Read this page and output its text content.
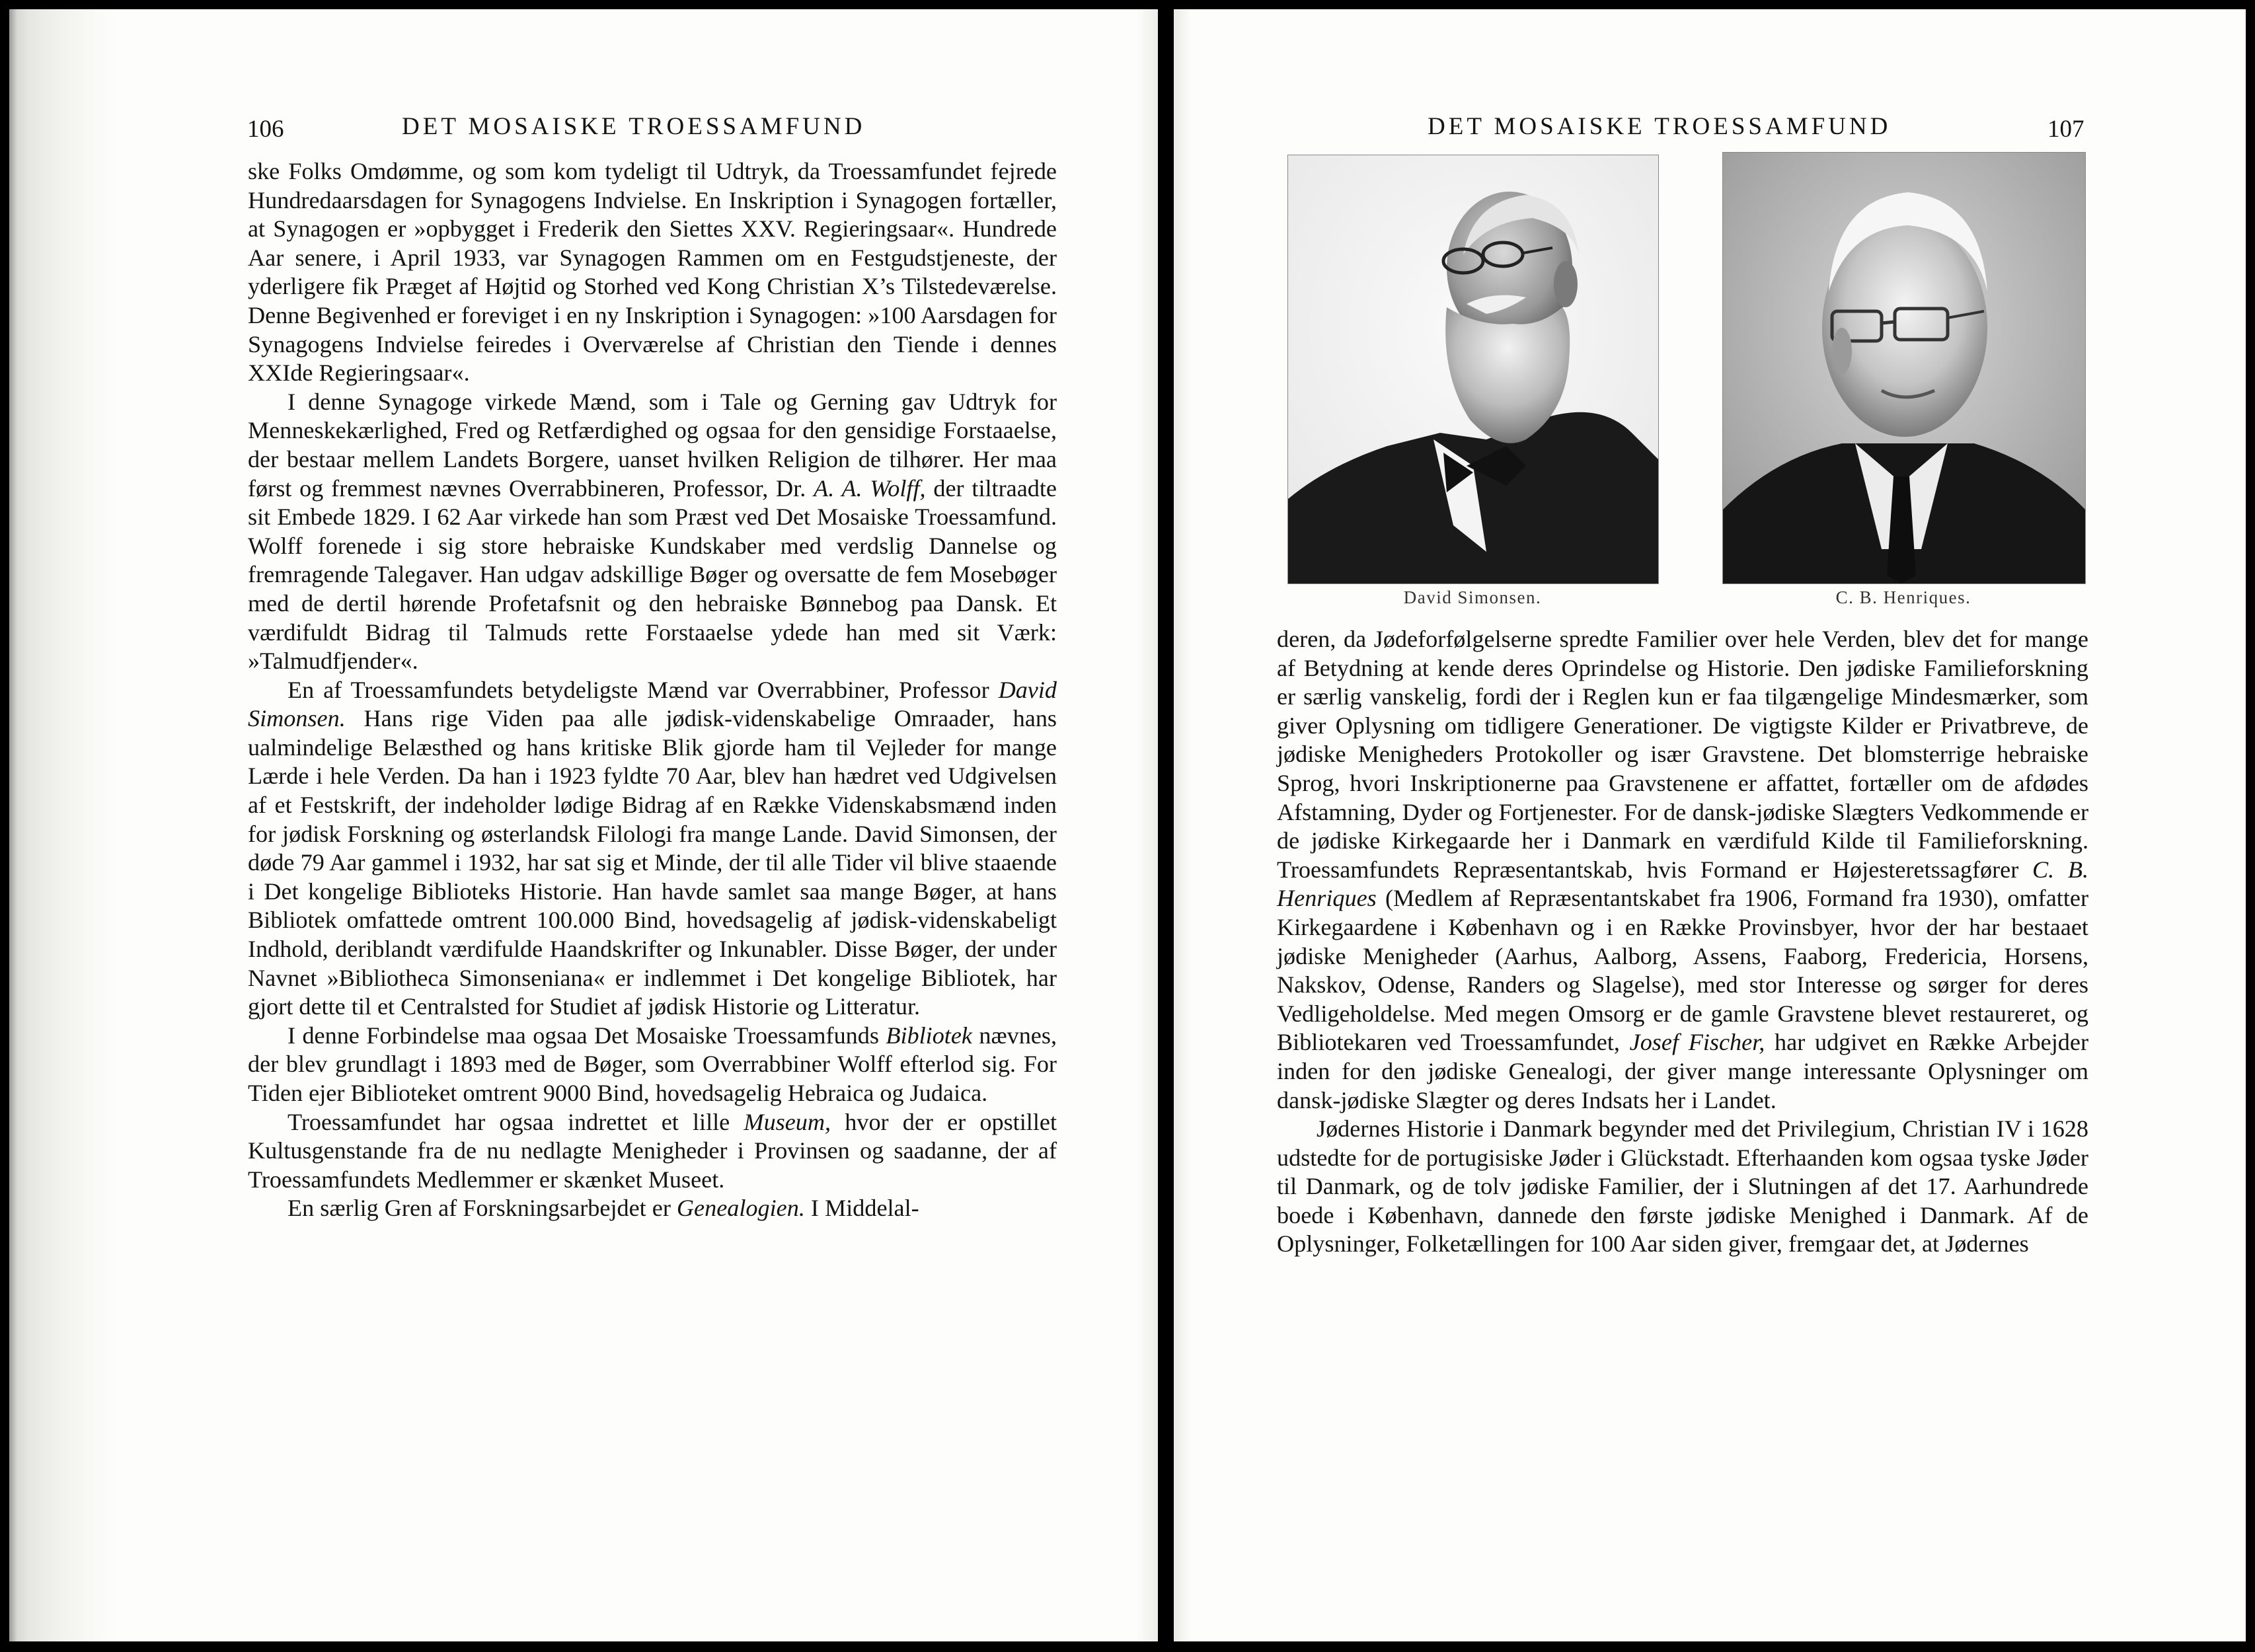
106	DET MOSAISKE TROESSAMFUND

ske Folks Omdømme, og som kom tydeligt til Udtryk, da Troessamfundet fejrede Hundredaarsdagen for Synagogens Indvielse. En Inskription i Synagogen fortæller, at Synagogen er »opbygget i Frederik den Siettes XXV. Regieringsaar«. Hundrede Aar senere, i April 1933, var Synagogen Rammen om en Festgudstjeneste, der yderligere fik Præget af Højtid og Storhed ved Kong Christian X’s Tilstedeværelse. Denne Begivenhed er foreviget i en ny Inskription i Synagogen: »100 Aarsdagen for Synagogens Indvielse feiredes i Overværelse af Christian den Tiende i dennes XXIde Regieringsaar«.

I denne Synagoge virkede Mænd, som i Tale og Gerning gav Udtryk for Menneskekærlighed, Fred og Retfærdighed og ogsaa for den gensidige Forstaaelse, der bestaar mellem Landets Borgere, uanset hvilken Religion de tilhører. Her maa først og fremmest nævnes Overrabbineren, Professor, Dr. A. A. Wolff, der tiltraadte sit Embede 1829. I 62 Aar virkede han som Præst ved Det Mosaiske Troessamfund. Wolff forenede i sig store hebraiske Kundskaber med verdslig Dannelse og fremragende Talegaver. Han udgav adskillige Bøger og oversatte de fem Mosebøger med de dertil hørende Profetafsnit og den hebraiske Bønnebog paa Dansk. Et værdifuldt Bidrag til Talmuds rette Forstaaelse ydede han med sit Værk: »Talmudfjender«.

En af Troessamfundets betydeligste Mænd var Overrabbiner, Professor David Simonsen. Hans rige Viden paa alle jødisk-videnskabelige Omraader, hans ualmindelige Belæsthed og hans kritiske Blik gjorde ham til Vejleder for mange Lærde i hele Verden. Da han i 1923 fyldte 70 Aar, blev han hædret ved Udgivelsen af et Festskrift, der indeholder lødige Bidrag af en Række Videnskabsmænd inden for jødisk Forskning og østerlandsk Filologi fra mange Lande. David Simonsen, der døde 79 Aar gammel i 1932, har sat sig et Minde, der til alle Tider vil blive staaende i Det kongelige Biblioteks Historie. Han havde samlet saa mange Bøger, at hans Bibliotek omfattede omtrent 100.000 Bind, hovedsagelig af jødisk-videnskabeligt Indhold, deriblandt værdifulde Haandskrifter og Inkunabler. Disse Bøger, der under Navnet »Bibliotheca Simonseniana« er indlemmet i Det kongelige Bibliotek, har gjort dette til et Centralsted for Studiet af jødisk Historie og Litteratur.

I denne Forbindelse maa ogsaa Det Mosaiske Troessamfunds Bibliotek nævnes, der blev grundlagt i 1893 med de Bøger, som Overrabbiner Wolff efterlod sig. For Tiden ejer Biblioteket omtrent 9000 Bind, hovedsagelig Hebraica og Judaica.

Troessamfundet har ogsaa indrettet et lille Museum, hvor der er opstillet Kultusgenstande fra de nu nedlagte Menigheder i Provinsen og saadanne, der af Troessamfundets Medlemmer er skænket Museet.

En særlig Gren af Forskningsarbejdet er Genealogien. I Middelal-

DET MOSAISKE TROESSAMFUND	107
David Simonsen.	C. B. Henriques.

deren, da Jødeforfølgelserne spredte Familier over hele Verden, blev det for mange af Betydning at kende deres Oprindelse og Historie. Den jødiske Familieforskning er særlig vanskelig, fordi der i Reglen kun er faa tilgængelige Mindesmærker, som giver Oplysning om tidligere Generationer. De vigtigste Kilder er Privatbreve, de jødiske Menigheders Protokoller og især Gravstene. Det blomsterrige hebraiske Sprog, hvori Inskriptionerne paa Gravstenene er affattet, fortæller om de afdødes Afstamning, Dyder og Fortjenester. For de dansk-jødiske Slægters Vedkommende er de jødiske Kirkegaarde her i Danmark en værdifuld Kilde til Familieforskning. Troessamfundets Repræsentantskab, hvis Formand er Højesteretssagfører C. B. Henriques (Medlem af Repræsentantskabet fra 1906, Formand fra 1930), omfatter Kirkegaardene i København og i en Række Provinsbyer, hvor der har bestaaet jødiske Menigheder (Aarhus, Aalborg, Assens, Faaborg, Fredericia, Horsens, Nakskov, Odense, Randers og Slagelse), med stor Interesse og sørger for deres Vedligeholdelse. Med megen Omsorg er de gamle Gravstene blevet restaureret, og Bibliotekaren ved Troessamfundet, Josef Fischer, har udgivet en Række Arbejder inden for den jødiske Genealogi, der giver mange interessante Oplysninger om dansk-jødiske Slægter og deres Indsats her i Landet.

Jødernes Historie i Danmark begynder med det Privilegium, Christian IV i 1628 udstedte for de portugisiske Jøder i Glückstadt. Efterhaanden kom ogsaa tyske Jøder til Danmark, og de tolv jødiske Familier, der i Slutningen af det 17. Aarhundrede boede i København, dannede den første jødiske Menighed i Danmark. Af de Oplysninger, Folketællingen for 100 Aar siden giver, fremgaar det, at Jødernes
